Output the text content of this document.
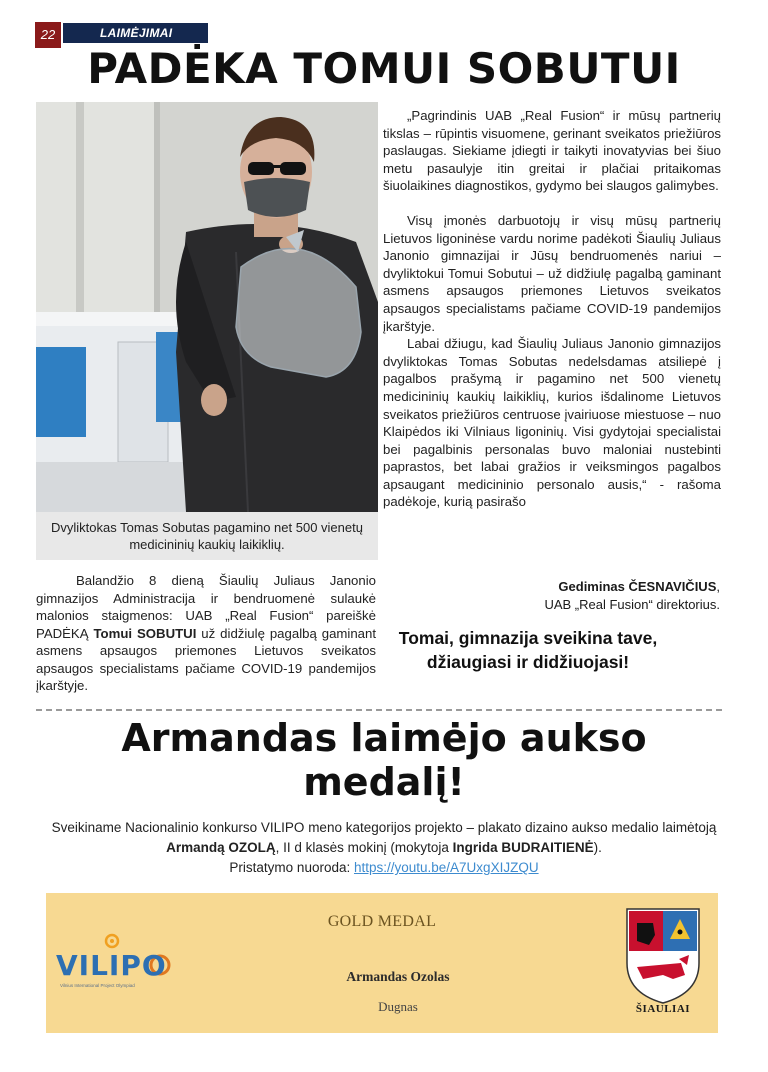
22	LAIMĖJIMAI
PADĖKA TOMUI SOBUTUI
Dvyliktokas Tomas Sobutas pagamino net 500 vienetų medicininių kaukių laikiklių.

„Pagrindinis UAB „Real Fusion“ ir mūsų partnerių tikslas – rūpintis visuomene, gerinant sveikatos priežiūros paslaugas. Siekiame įdiegti ir taikyti inovatyvias bei šiuo metu pasaulyje itin greitai ir plačiai pritaikomas šiuolaikines diagnostikos, gydymo bei slaugos galimybes.

Visų įmonės darbuotojų ir visų mūsų partnerių Lietuvos ligoninėse vardu norime padėkoti Šiaulių Juliaus Janonio gimnazijai ir Jūsų bendruomenės nariui – dvyliktokui Tomui Sobutui – už didžiulę pagalbą gaminant asmens apsaugos priemones Lietuvos sveikatos apsaugos specialistams pačiame COVID-19 pandemijos įkarštyje.

Labai džiugu, kad Šiaulių Juliaus Janonio gimnazijos dvyliktokas Tomas Sobutas nedelsdamas atsiliepė į pagalbos prašymą ir pagamino net 500 vienetų medicininių kaukių laikiklių, kurios išdalinome Lietuvos sveikatos priežiūros centruose įvairiuose miestuose – nuo Klaipėdos iki Vilniaus ligoninių. Visi gydytojai specialistai bei pagalbinis personalas buvo maloniai nustebinti paprastos, bet labai gražios ir veiksmingos pagalbos apsaugant medicininio personalo ausis,“ - rašoma padėkoje, kurią pasirašo

Gediminas ČESNAVIČIUS,
UAB „Real Fusion“ direktorius.
Tomai, gimnazija sveikina tave, džiaugiasi ir didžiuojasi!
Balandžio 8 dieną Šiaulių Juliaus Janonio gimnazijos Administracija ir bendruomenė sulaukė malonios staigmenos: UAB „Real Fusion“ pareiškė PADĖKĄ Tomui SOBUTUI už didžiulę pagalbą gaminant asmens apsaugos priemones Lietuvos sveikatos apsaugos specialistams pačiame COVID-19 pandemijos įkarštyje.
Armandas laimėjo aukso
medalį!
Sveikiname Nacionalinio konkurso VILIPO meno kategorijos projekto – plakato dizaino aukso medalio laimėtoją Armandą OZOLĄ, II d klasės mokinį (mokytoja Ingrida BUDRAITIENĖ).
Pristatymo nuoroda: https://youtu.be/A7UxgXIJZQU
VILIPO
Vilnius International Project Olympiad
GOLD MEDAL
Armandas Ozolas
Dugnas	ŠIAULIAI
